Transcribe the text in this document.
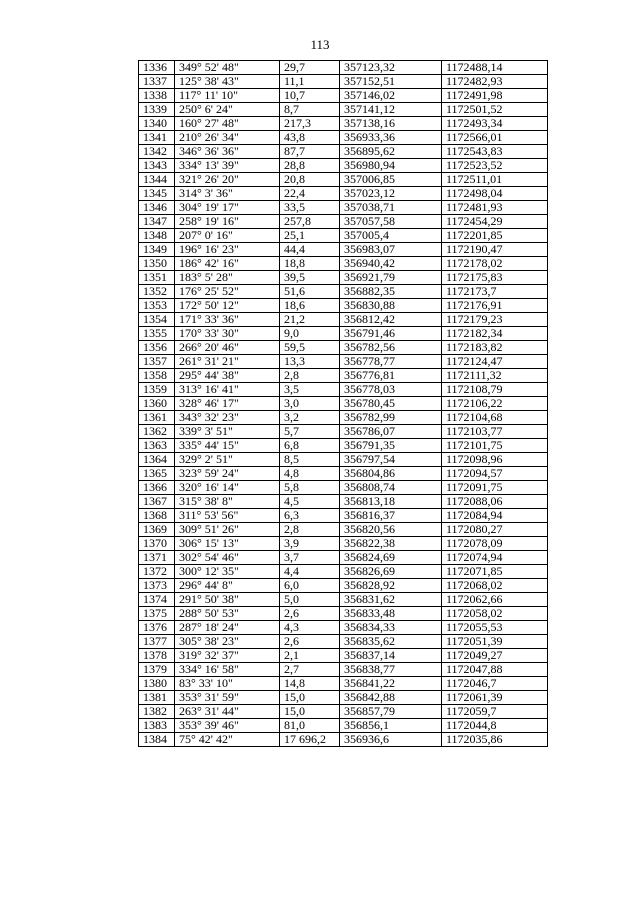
113
1336	349° 52' 48"	29,7	357123,32	1172488,14
1337	125° 38' 43"	11,1	357152,51	1172482,93
1338	117° 11' 10"	10,7	357146,02	1172491,98
1339	250° 6' 24"	8,7	357141,12	1172501,52
1340	160° 27' 48"	217,3	357138,16	1172493,34
1341	210° 26' 34"	43,8	356933,36	1172566,01
1342	346° 36' 36"	87,7	356895,62	1172543,83
1343	334° 13' 39"	28,8	356980,94	1172523,52
1344	321° 26' 20"	20,8	357006,85	1172511,01
1345	314° 3' 36"	22,4	357023,12	1172498,04
1346	304° 19' 17"	33,5	357038,71	1172481,93
1347	258° 19' 16"	257,8	357057,58	1172454,29
1348	207° 0' 16"	25,1	357005,4	1172201,85
1349	196° 16' 23"	44,4	356983,07	1172190,47
1350	186° 42' 16"	18,8	356940,42	1172178,02
1351	183° 5' 28"	39,5	356921,79	1172175,83
1352	176° 25' 52"	51,6	356882,35	1172173,7
1353	172° 50' 12"	18,6	356830,88	1172176,91
1354	171° 33' 36"	21,2	356812,42	1172179,23
1355	170° 33' 30"	9,0	356791,46	1172182,34
1356	266° 20' 46"	59,5	356782,56	1172183,82
1357	261° 31' 21"	13,3	356778,77	1172124,47
1358	295° 44' 38"	2,8	356776,81	1172111,32
1359	313° 16' 41"	3,5	356778,03	1172108,79
1360	328° 46' 17"	3,0	356780,45	1172106,22
1361	343° 32' 23"	3,2	356782,99	1172104,68
1362	339° 3' 51"	5,7	356786,07	1172103,77
1363	335° 44' 15"	6,8	356791,35	1172101,75
1364	329° 2' 51"	8,5	356797,54	1172098,96
1365	323° 59' 24"	4,8	356804,86	1172094,57
1366	320° 16' 14"	5,8	356808,74	1172091,75
1367	315° 38' 8"	4,5	356813,18	1172088,06
1368	311° 53' 56"	6,3	356816,37	1172084,94
1369	309° 51' 26"	2,8	356820,56	1172080,27
1370	306° 15' 13"	3,9	356822,38	1172078,09
1371	302° 54' 46"	3,7	356824,69	1172074,94
1372	300° 12' 35"	4,4	356826,69	1172071,85
1373	296° 44' 8"	6,0	356828,92	1172068,02
1374	291° 50' 38"	5,0	356831,62	1172062,66
1375	288° 50' 53"	2,6	356833,48	1172058,02
1376	287° 18' 24"	4,3	356834,33	1172055,53
1377	305° 38' 23"	2,6	356835,62	1172051,39
1378	319° 32' 37"	2,1	356837,14	1172049,27
1379	334° 16' 58"	2,7	356838,77	1172047,88
1380	83° 33' 10"	14,8	356841,22	1172046,7
1381	353° 31' 59"	15,0	356842,88	1172061,39
1382	263° 31' 44"	15,0	356857,79	1172059,7
1383	353° 39' 46"	81,0	356856,1	1172044,8
1384	75° 42' 42"	17 696,2	356936,6	1172035,86
